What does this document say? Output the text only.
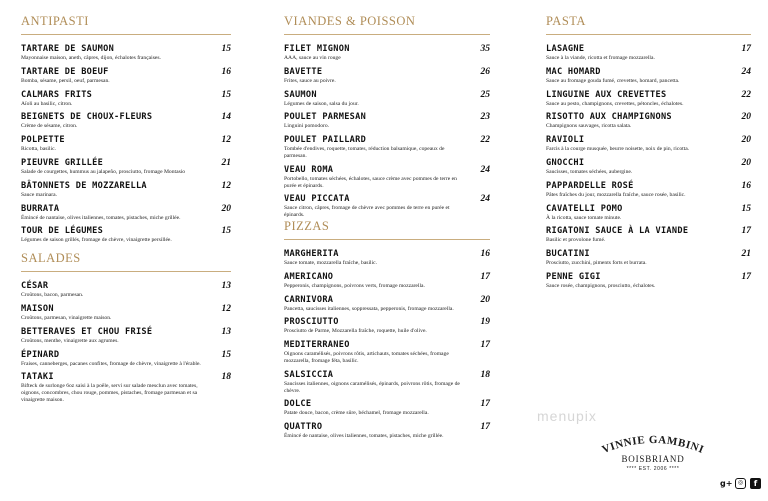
ANTIPASTI
TARTARE DE SAUMON	15
Mayonnaise maison, aneth, câpres, dijon, échalotes françaises.
TARTARE DE BOEUF	16
Bomba, sésame, persil, oeuf, parmesan.
CALMARS FRITS	15
Aïoli au basilic, citron.
BEIGNETS DE CHOUX-FLEURS	14
Crème de sésame, citron.
POLPETTE	12
Ricotta, basilic.
PIEUVRE GRILLÉE	21
Salade de courgettes, hummus au jalapeño, prosciutto, fromage Montasio
BÂTONNETS DE MOZZARELLA	12
Sauce marinara.
BURRATA	20
Émincé de nantaise, olives italiennes, tomates, pistaches, miche grillée.
TOUR DE LÉGUMES	15
Légumes de saison grillés, fromage de chèvre, vinaigrette persillée.
SALADES
CÉSAR	13
Croûtons, bacon, parmesan.
MAISON	12
Croûtons, parmesan, vinaigrette maison.
BETTERAVES ET CHOU FRISÉ	13
Croûtons, menthe, vinaigrette aux agrumes.
ÉPINARD	15
Fraises, canneberges, pacanes confites, fromage de chèvre, vinaigrette à l'érable.
TATAKI	18
Bifteck de surlonge 6oz saisi à la poêle, servi sur salade mesclun avec tomates, oignons, concombres, chou rouge, pommes, pistaches, fromage parmesan et sa vinaigrette maison.
VIANDES & POISSON
FILET MIGNON	35
AAA, sauce au vin rouge
BAVETTE	26
Frites, sauce au poivre.
SAUMON	25
Légumes de saison, salsa du jour.
POULET PARMESAN	23
Linguini pomodoro.
POULET PAILLARD	22
Tombée d'endives, roquette, tomates, réduction balsamique, copeaux de parmesan.
VEAU ROMA	24
Portobello, tomates séchées, échalotes, sauce crème avec pommes de terre en purée et épinards.
VEAU PICCATA	24
Sauce citron, câpres, fromage de chèvre avec pommes de terre en purée et épinards.
PIZZAS
MARGHERITA	16
Sauce tomate, mozzarella fraîche, basilic.
AMERICANO	17
Pepperonis, champignons, poivrons verts, fromage mozzarella.
CARNIVORA	20
Pancetta, saucisses italiennes, soppressata, pepperonis, fromage mozzarella.
PROSCIUTTO	19
Prosciutto de Parme, Mozzarella fraîche, roquette, huile d'olive.
MEDITERRANEO	17
Oignons caramélisés, poivrons rôtis, artichauts, tomates séchées, fromage mozzarella, fromage féta, basilic.
SALSICCIA	18
Saucisses italiennes, oignons caramélisés, épinards, poivrons rôtis, fromage de chèvre.
DOLCE	17
Patate douce, bacon, crème sûre, béchamel, fromage mozzarella.
QUATTRO	17
Émincé de nantaise, olives italiennes, tomates, pistaches, miche grillée.
PASTA
LASAGNE	17
Sauce à la viande, ricotta et fromage mozzarella.
MAC HOMARD	24
Sauce au fromage gouda fumé, crevettes, homard, pancetta.
LINGUINE AUX CREVETTES	22
Sauce au pesto, champignons, crevettes, pétoncles, échalotes.
RISOTTO AUX CHAMPIGNONS	20
Champignons sauvages, ricotta salata.
RAVIOLI	20
Farcis à la courge musquée, beurre noisette, noix de pin, ricotta.
GNOCCHI	20
Saucisses, tomates séchées, aubergine.
PAPPARDELLE ROSÉ	16
Pâtes fraîches du jour, mozzarella fraîche, sauce rosée, basilic.
CAVATELLI POMO	15
À la ricotta, sauce tomate minute.
RIGATONI SAUCE À LA VIANDE	17
Basilic et provolone fumé.
BUCATINI	21
Prosciutto, zucchini, piments forts et burrata.
PENNE GIGI	17
Sauce rosée, champignons, prosciutto, échalotes.
menupix
VINNIE GAMBINI
BOISBRIAND
**** EST. 2006 ****
g+ ◎	f
